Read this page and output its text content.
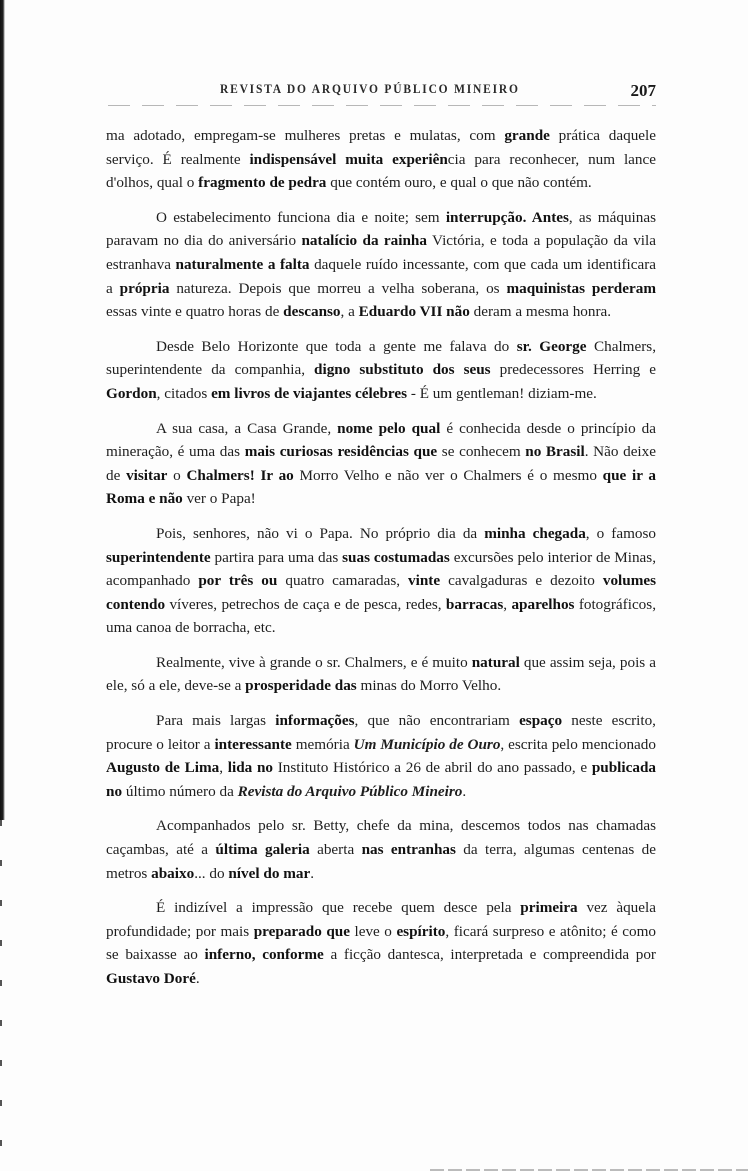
REVISTA DO ARQUIVO PÚBLICO MINEIRO	207

ma adotado, empregam-se mulheres pretas e mulatas, com grande prática daquele serviço. É realmente indispensável muita experiência para reconhecer, num lance d'olhos, qual o fragmento de pedra que contém ouro, e qual o que não contém.

O estabelecimento funciona dia e noite; sem interrupção. Antes, as máquinas paravam no dia do aniversário natalício da rainha Victória, e toda a população da vila estranhava naturalmente a falta daquele ruído incessante, com que cada um identificara a própria natureza. Depois que morreu a velha soberana, os maquinistas perderam essas vinte e quatro horas de descanso, a Eduardo VII não deram a mesma honra.

Desde Belo Horizonte que toda a gente me falava do sr. George Chalmers, superintendente da companhia, digno substituto dos seus predecessores Herring e Gordon, citados em livros de viajantes célebres - É um gentleman! diziam-me.

A sua casa, a Casa Grande, nome pelo qual é conhecida desde o princípio da mineração, é uma das mais curiosas residências que se conhecem no Brasil. Não deixe de visitar o Chalmers! Ir ao Morro Velho e não ver o Chalmers é o mesmo que ir a Roma e não ver o Papa!

Pois, senhores, não vi o Papa. No próprio dia da minha chegada, o famoso superintendente partira para uma das suas costumadas excursões pelo interior de Minas, acompanhado por três ou quatro camaradas, vinte cavalgaduras e dezoito volumes contendo víveres, petrechos de caça e de pesca, redes, barracas, aparelhos fotográficos, uma canoa de borracha, etc.

Realmente, vive à grande o sr. Chalmers, e é muito natural que assim seja, pois a ele, só a ele, deve-se a prosperidade das minas do Morro Velho.

Para mais largas informações, que não encontrariam espaço neste escrito, procure o leitor a interessante memória Um Município de Ouro, escrita pelo mencionado Augusto de Lima, lida no Instituto Histórico a 26 de abril do ano passado, e publicada no último número da Revista do Arquivo Público Mineiro.

Acompanhados pelo sr. Betty, chefe da mina, descemos todos nas chamadas caçambas, até a última galeria aberta nas entranhas da terra, algumas centenas de metros abaixo... do nível do mar.

É indizível a impressão que recebe quem desce pela primeira vez àquela profundidade; por mais preparado que leve o espírito, ficará surpreso e atônito; é como se baixasse ao inferno, conforme a ficção dantesca, interpretada e compreendida por Gustavo Doré.
